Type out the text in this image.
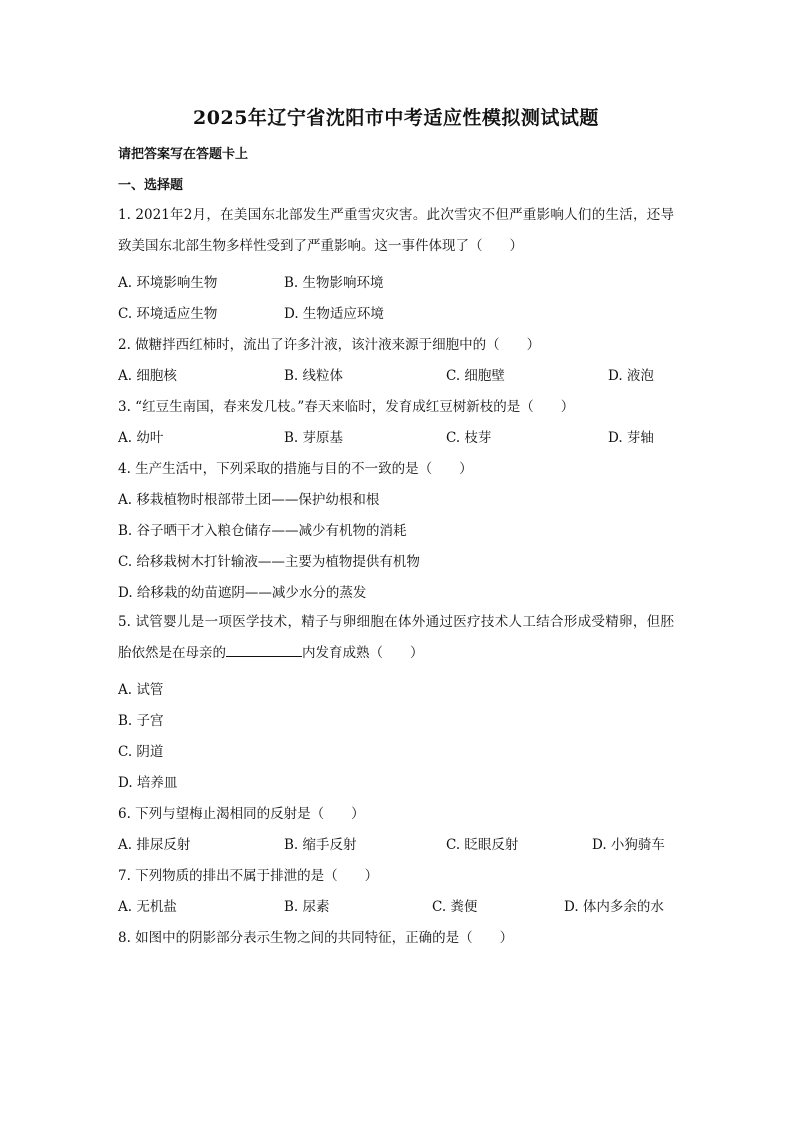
2025年辽宁省沈阳市中考适应性模拟测试试题
请把答案写在答题卡上
一、选择题
1. 2021年2月，在美国东北部发生严重雪灾灾害。此次雪灾不但严重影响人们的生活，还导致美国东北部生物多样性受到了严重影响。这一事件体现了（　　）
A. 环境影响生物	B. 生物影响环境
C. 环境适应生物	D. 生物适应环境
2. 做糖拌西红柿时，流出了许多汁液，该汁液来源于细胞中的（　　）
A. 细胞核	B. 线粒体	C. 细胞壁	D. 液泡
3. “红豆生南国，春来发几枝。”春天来临时，发育成红豆树新枝的是（　　）
A. 幼叶	B. 芽原基	C. 枝芽	D. 芽轴
4. 生产生活中，下列采取的措施与目的不一致的是（　　）
A. 移栽植物时根部带土团——保护幼根和根
B. 谷子晒干才入粮仓储存——减少有机物的消耗
C. 给移栽树木打针输液——主要为植物提供有机物
D. 给移栽的幼苗遮阴——减少水分的蒸发
5. 试管婴儿是一项医学技术，精子与卵细胞在体外通过医疗技术人工结合形成受精卵，但胚胎依然是在母亲的	内发育成熟（　　）
A. 试管
B. 子宫
C. 阴道
D. 培养皿
6. 下列与望梅止渴相同的反射是（　　）
A. 排尿反射	B. 缩手反射	C. 眨眼反射	D. 小狗骑车
7. 下列物质的排出不属于排泄的是（　　）
A. 无机盐	B. 尿素	C. 粪便	D. 体内多余的水
8. 如图中的阴影部分表示生物之间的共同特征，正确的是（　　）
